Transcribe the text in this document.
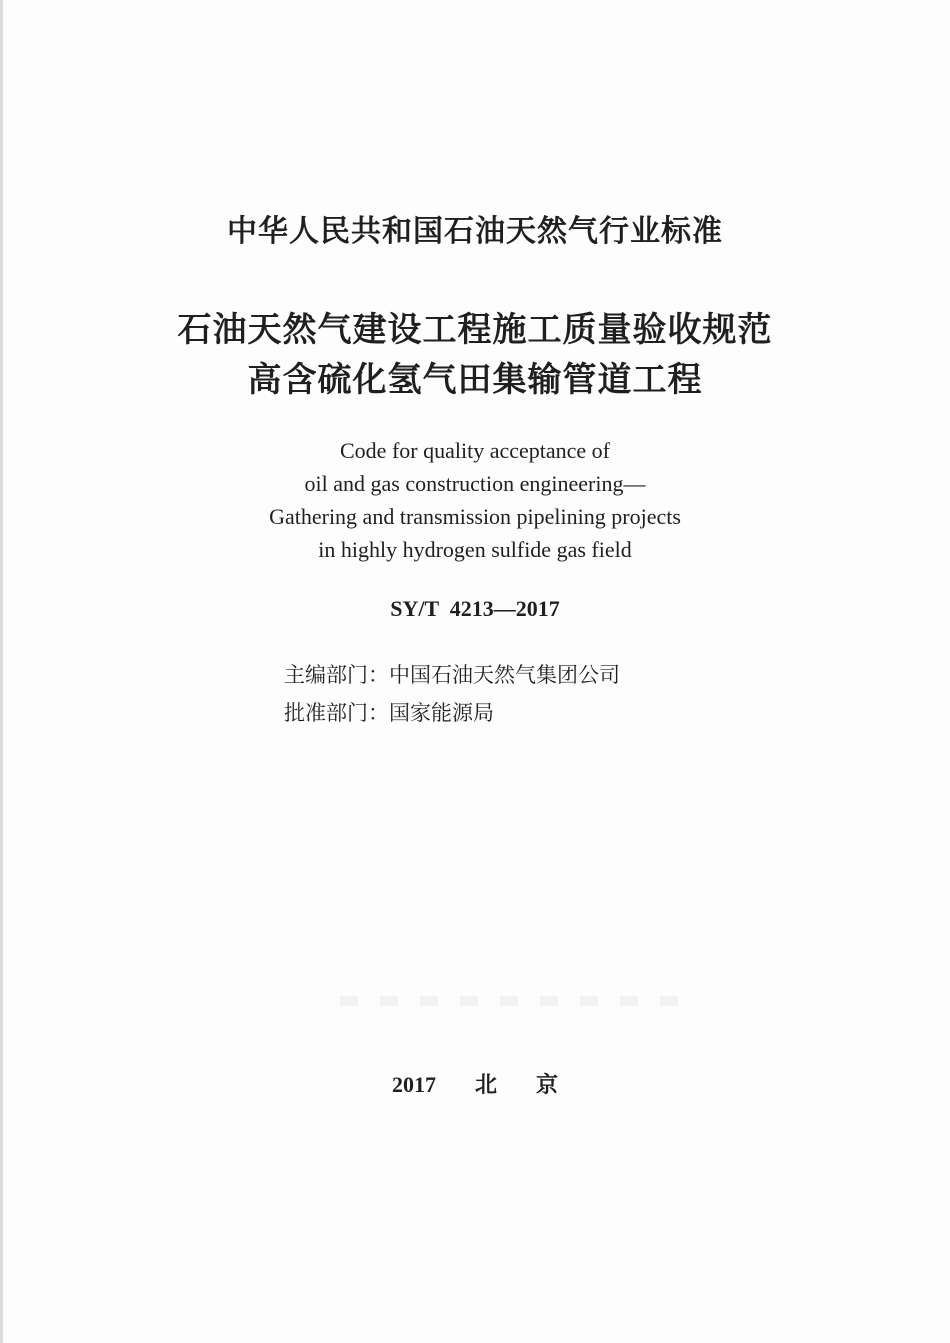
中华人民共和国石油天然气行业标准
石油天然气建设工程施工质量验收规范
高含硫化氢气田集输管道工程
Code for quality acceptance of
oil and gas construction engineering—
Gathering and transmission pipelining projects
in highly hydrogen sulfide gas field
SY/T  4213—2017
主编部门：中国石油天然气集团公司
批准部门：国家能源局
2017  北  京
